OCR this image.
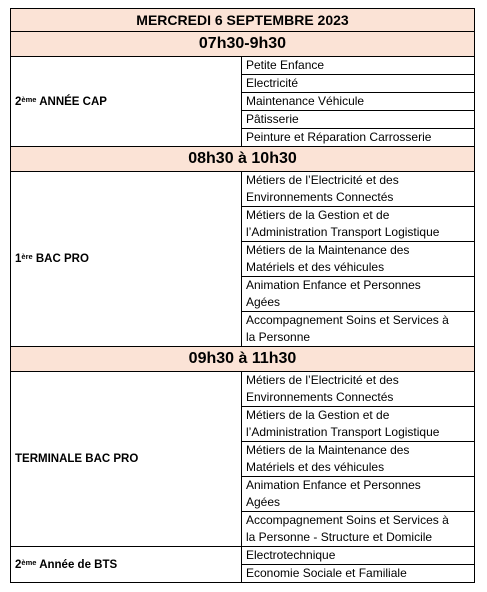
MERCREDI 6 SEPTEMBRE 2023	
07h30-9h30	
2ème ANNÉE CAP	Petite Enfance
	Electricité
	Maintenance Véhicule
	Pâtisserie
	Peinture et Réparation Carrosserie
08h30 à 10h30	
1ère BAC PRO	Métiers de l’Electricité et des
Environnements Connectés
	Métiers de la Gestion et de
l’Administration Transport Logistique
	Métiers de la Maintenance des
Matériels et des véhicules
	Animation Enfance et Personnes
Agées
	Accompagnement Soins et Services à
la Personne
09h30 à 11h30	
TERMINALE BAC PRO	Métiers de l’Electricité et des
Environnements Connectés
	Métiers de la Gestion et de
l’Administration Transport Logistique
	Métiers de la Maintenance des
Matériels et des véhicules
	Animation Enfance et Personnes
Agées
	Accompagnement Soins et Services à
la Personne - Structure et Domicile
2ème Année de BTS	Electrotechnique
	Economie Sociale et Familiale
